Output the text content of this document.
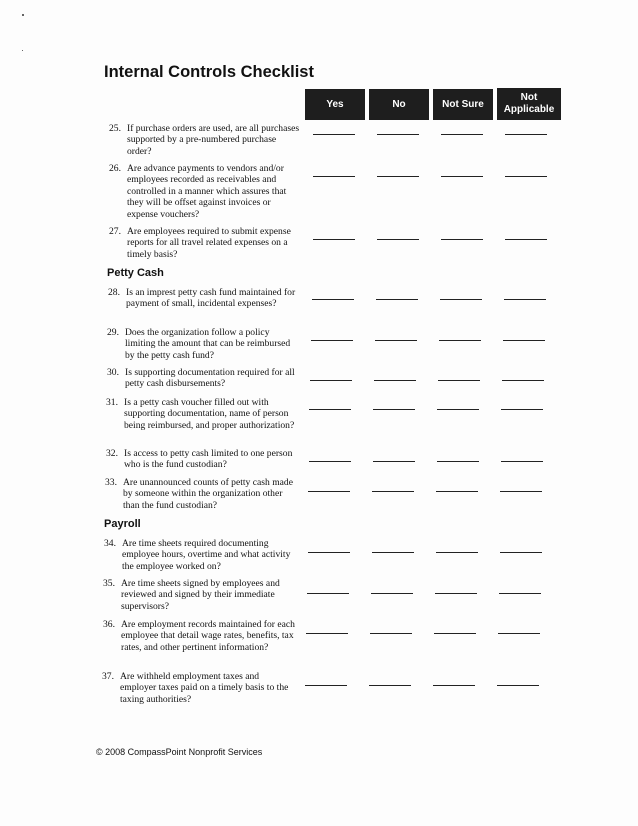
Internal Controls Checklist
Yes	No	Not Sure
Not Applicable
25. If purchase orders are used, are all purchases supported by a pre-numbered purchase order?
26. Are advance payments to vendors and/or employees recorded as receivables and controlled in a manner which assures that they will be offset against invoices or expense vouchers?
27. Are employees required to submit expense reports for all travel related expenses on a timely basis?
Petty Cash
28. Is an imprest petty cash fund maintained for payment of small, incidental expenses?
29. Does the organization follow a policy limiting the amount that can be reimbursed by the petty cash fund?
30. Is supporting documentation required for all petty cash disbursements?
31. Is a petty cash voucher filled out with supporting documentation, name of person being reimbursed, and proper authorization?
32. Is access to petty cash limited to one person who is the fund custodian?
33. Are unannounced counts of petty cash made by someone within the organization other than the fund custodian?
Payroll
34. Are time sheets required documenting employee hours, overtime and what activity the employee worked on?
35. Are time sheets signed by employees and reviewed and signed by their immediate supervisors?
36. Are employment records maintained for each employee that detail wage rates, benefits, tax rates, and other pertinent information?
37. Are withheld employment taxes and employer taxes paid on a timely basis to the taxing authorities?
© 2008 CompassPoint Nonprofit Services
